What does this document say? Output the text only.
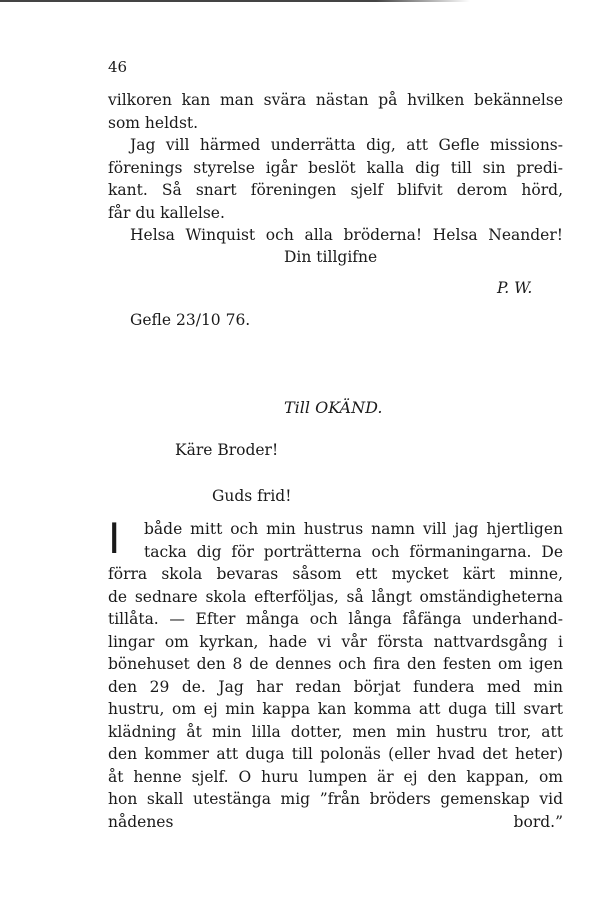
46
vilkoren kan man svära nästan på hvilken bekännelse
som heldst.
Jag vill härmed underrätta dig, att Gefle missions-
förenings styrelse igår beslöt kalla dig till sin predi-
kant. Så snart föreningen sjelf blifvit derom hörd,
får du kallelse.
Helsa Winquist och alla bröderna! Helsa Neander!
Din tillgifne
P. W.
Gefle 23/10 76.
Till OKÄND.
Käre Broder!
Guds frid!
I	både mitt och min hustrus namn vill jag hjertligen
tacka dig för porträtterna och förmaningarna. De
förra skola bevaras såsom ett mycket kärt minne,
de sednare skola efterföljas, så långt omständigheterna
tillåta. — Efter många och långa fåfänga underhand-
lingar om kyrkan, hade vi vår första nattvardsgång i
bönehuset den 8 de dennes och fira den festen om igen
den 29 de. Jag har redan börjat fundera med min
hustru, om ej min kappa kan komma att duga till svart
klädning åt min lilla dotter, men min hustru tror, att
den kommer att duga till polonäs (eller hvad det heter)
åt henne sjelf. O huru lumpen är ej den kappan, om
hon skall utestänga mig ”från bröders gemenskap vid
nådenes bord.”
